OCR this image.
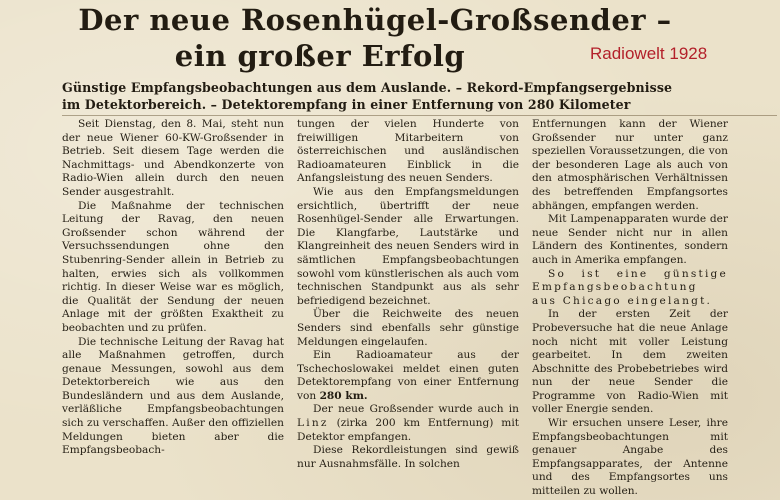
Der neue Rosenhügel-Großsender –
ein großer Erfolg	Radiowelt 1928
Günstige Empfangsbeobachtungen aus dem Auslande. – Rekord-Empfangsergebnisse
im Detektorbereich. – Detektorempfang in einer Entfernung von 280 Kilometer

Seit Dienstag, den 8. Mai, steht nun der neue Wiener 60-KW-Großsender in Betrieb. Seit diesem Tage werden die Nachmittags- und Abendkonzerte von Radio-Wien allein durch den neuen Sender ausgestrahlt.

Die Maßnahme der technischen Leitung der Ravag, den neuen Großsender schon während der Versuchssendungen ohne den Stubenring-Sender allein in Betrieb zu halten, erwies sich als vollkommen richtig. In dieser Weise war es möglich, die Qualität der Sendung der neuen Anlage mit der größten Exaktheit zu beobachten und zu prüfen.

Die technische Leitung der Ravag hat alle Maßnahmen getroffen, durch genaue Messungen, sowohl aus dem Detektorbereich wie aus den Bundesländern und aus dem Auslande, verläßliche Empfangsbeobachtungen sich zu verschaffen. Außer den offiziellen Meldungen bieten aber die Empfangsbeobach-

tungen der vielen Hunderte von freiwilligen Mitarbeitern von österreichischen und ausländischen Radioamateuren Einblick in die Anfangsleistung des neuen Senders.

Wie aus den Empfangsmeldungen ersichtlich, übertrifft der neue Rosenhügel-Sender alle Erwartungen. Die Klangfarbe, Lautstärke und Klangreinheit des neuen Senders wird in sämtlichen Empfangsbeobachtungen sowohl vom künstlerischen als auch vom technischen Standpunkt aus als sehr befriedigend bezeichnet.

Über die Reichweite des neuen Senders sind ebenfalls sehr günstige Meldungen eingelaufen.

Ein Radioamateur aus der Tschechoslowakei meldet einen guten Detektorempfang von einer Entfernung von 280 km.

Der neue Großsender wurde auch in Linz (zirka 200 km Entfernung) mit Detektor empfangen.

Diese Rekordleistungen sind gewiß nur Ausnahmsfälle. In solchen

Entfernungen kann der Wiener Großsender nur unter ganz speziellen Voraussetzungen, die von der besonderen Lage als auch von den atmosphärischen Verhältnissen des betreffenden Empfangsortes abhängen, empfangen werden.

Mit Lampenapparaten wurde der neue Sender nicht nur in allen Ländern des Kontinentes, sondern auch in Amerika empfangen.

So ist eine günstige Empfangsbeobachtung aus Chicago eingelangt.

In der ersten Zeit der Probeversuche hat die neue Anlage noch nicht mit voller Leistung gearbeitet. In dem zweiten Abschnitte des Probebetriebes wird nun der neue Sender die Programme von Radio-Wien mit voller Energie senden.

Wir ersuchen unsere Leser, ihre Empfangsbeobachtungen mit genauer Angabe des Empfangsapparates, der Antenne und des Empfangsortes uns mitteilen zu wollen.
